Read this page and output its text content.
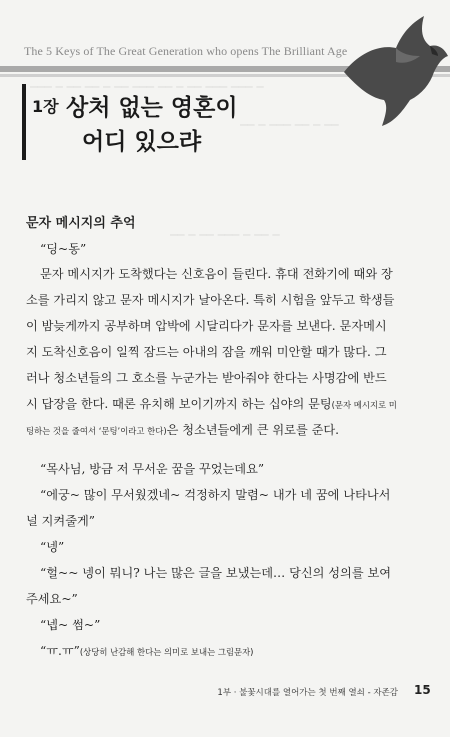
─── ─ ── ── ─ ── ─── ── ─ ── ─── ─── ─
── ─ ─── ── ─ ──
── ─ ── ─── ─ ── ─
The 5 Keys of The Great Generation who opens The Brilliant Age
1장 상처 없는 영혼이
어디 있으랴
문자 메시지의 추억
“딩~동”
문자 메시지가 도착했다는 신호음이 들린다. 휴대 전화기에 때와 장
소를 가리지 않고 문자 메시지가 날아온다. 특히 시험을 앞두고 학생들
이 밤늦게까지 공부하며 압박에 시달리다가 문자를 보낸다. 문자메시
지 도착신호음이 일찍 잠드는 아내의 잠을 깨워 미안할 때가 많다. 그
러나 청소년들의 그 호소를 누군가는 받아줘야 한다는 사명감에 반드
시 답장을 한다. 때론 유치해 보이기까지 하는 십야의 문팅(문자 메시지로 미
팅하는 것을 줄여서 ‘문팅’이라고 한다)은 청소년들에게 큰 위로를 준다.
“목사님, 방금 저 무서운 꿈을 꾸었는데요”
“에궁~ 많이 무서웠겠네~ 걱정하지 말렴~ 내가 네 꿈에 나타나서
널 지켜줄게”
“넹”
“헐~~ 넹이 뭐니? 나는 많은 글을 보냈는데… 당신의 성의를 보여
주세요~”
“넵~ 썸~”
“ㅠ.ㅠ”(상당히 난감해 한다는 의미로 보내는 그림문자)
1부 · 불꽃시대를 열어가는 첫 번째 열쇠 - 자존감 15
